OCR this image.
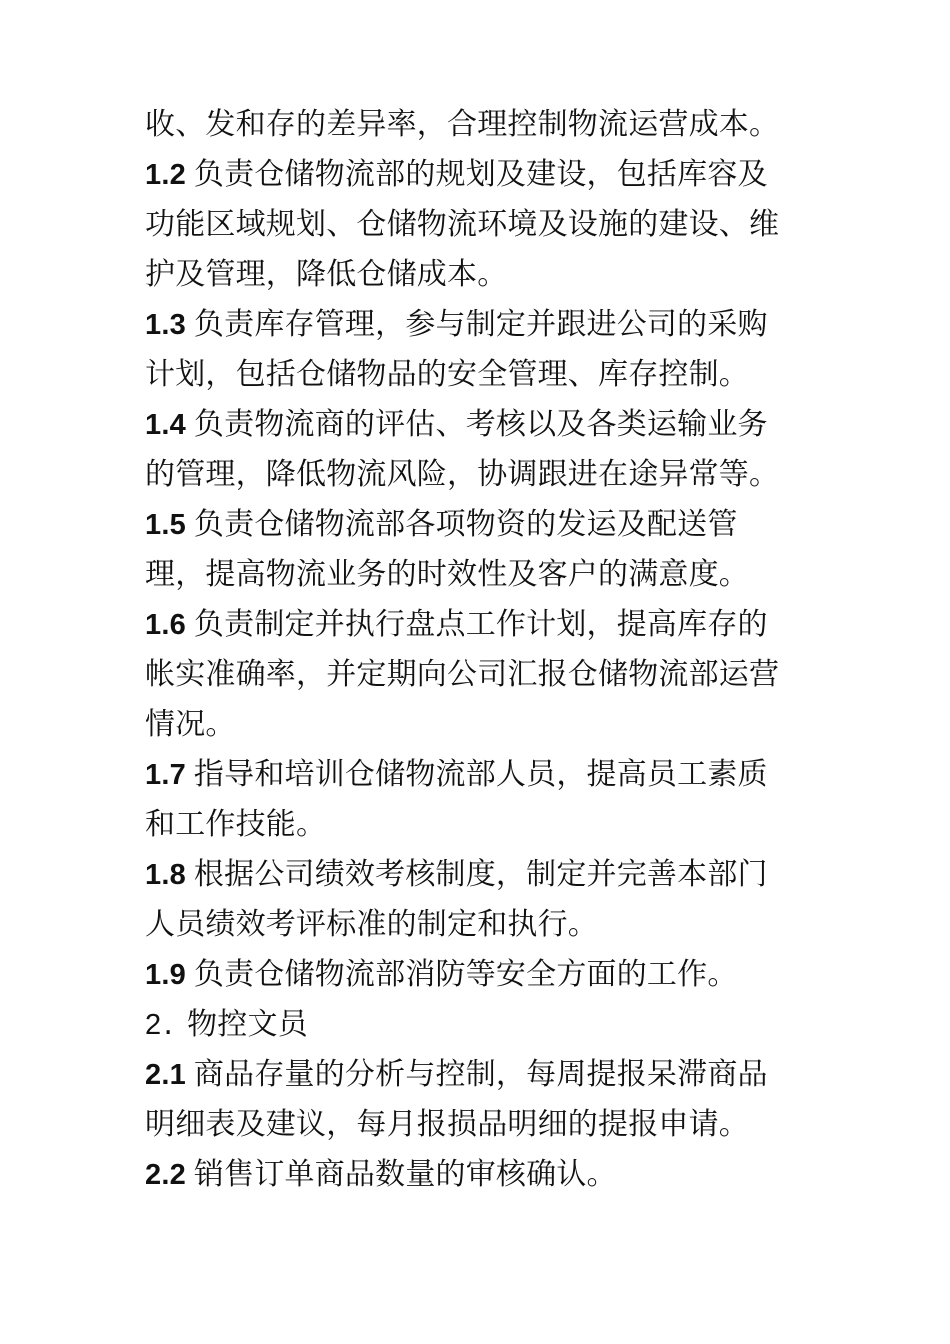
收、发和存的差异率，合理控制物流运营成本。
1.2 负责仓储物流部的规划及建设，包括库容及
功能区域规划、仓储物流环境及设施的建设、维
护及管理，降低仓储成本。
1.3 负责库存管理，参与制定并跟进公司的采购
计划，包括仓储物品的安全管理、库存控制。
1.4 负责物流商的评估、考核以及各类运输业务
的管理，降低物流风险，协调跟进在途异常等。
1.5 负责仓储物流部各项物资的发运及配送管
理，提高物流业务的时效性及客户的满意度。
1.6 负责制定并执行盘点工作计划，提高库存的
帐实准确率，并定期向公司汇报仓储物流部运营
情况。
1.7 指导和培训仓储物流部人员，提高员工素质
和工作技能。
1.8 根据公司绩效考核制度，制定并完善本部门
人员绩效考评标准的制定和执行。
1.9 负责仓储物流部消防等安全方面的工作。
2. 物控文员
2.1 商品存量的分析与控制，每周提报呆滞商品
明细表及建议，每月报损品明细的提报申请。
2.2 销售订单商品数量的审核确认。
